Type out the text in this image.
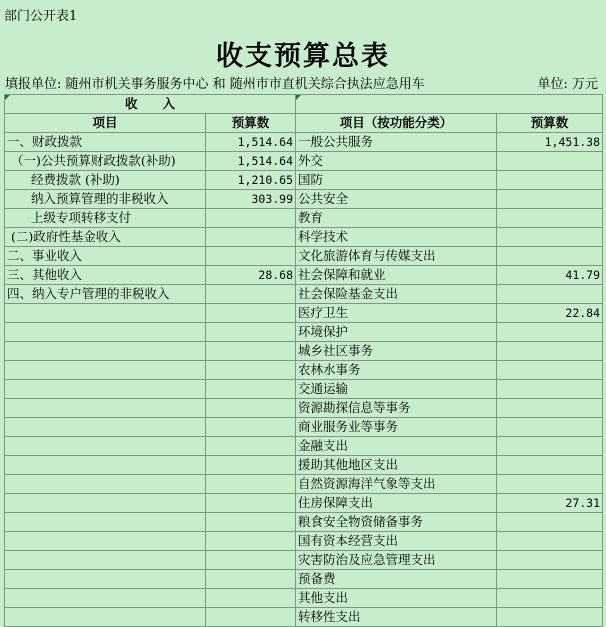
部门公开表1
收支预算总表
填报单位: 随州市机关事务服务中心 和 随州市市直机关综合执法应急用车	单位: 万元
收　　入			
项目	预算数	项目（按功能分类）	预算数
一、财政拨款	1,514.64	一般公共服务	1,451.38
（一)公共预算财政拨款(补助)	1,514.64	外交	
经费拨款 (补助)	1,210.65	国防	
纳入预算管理的非税收入	303.99	公共安全	
上级专项转移支付		教育	
(二)政府性基金收入		科学技术	
二、事业收入		文化旅游体育与传媒支出	
三、其他收入	28.68	社会保障和就业	41.79
四、纳入专户管理的非税收入		社会保险基金支出	
		医疗卫生	22.84
		环境保护	
		城乡社区事务	
		农林水事务	
		交通运输	
		资源勘探信息等事务	
		商业服务业等事务	
		金融支出	
		援助其他地区支出	
		自然资源海洋气象等支出	
		住房保障支出	27.31
		粮食安全物资储备事务	
		国有资本经营支出	
		灾害防治及应急管理支出	
		预备费	
		其他支出	
		转移性支出	
